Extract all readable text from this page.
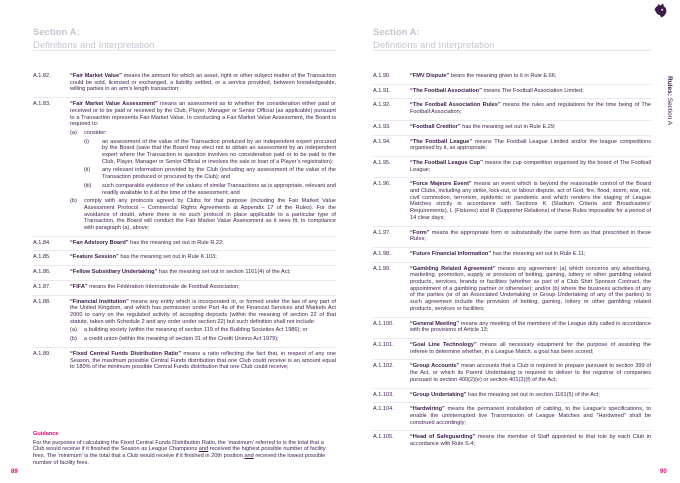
Section A:
Definitions and Interpretation
Section A:
Definitions and Interpretation
Rules: Section A
A.1.82.	“Fair Market Value” means the amount for which an asset, right or other subject matter of the Transaction could be sold, licensed or exchanged, a liability settled, or a service provided, between knowledgeable, willing parties in an arm’s length transaction;
A.1.83.	“Fair Market Value Assessment” means an assessment as to whether the consideration either paid or received or to be paid or received by the Club, Player, Manager or Senior Official (as applicable) pursuant to a Transaction represents Fair Market Value. In conducting a Fair Market Value Assessment, the Board is required to:
(a)	consider:
(i)	an assessment of the value of the Transaction produced by an independent expert procured by the Board (save that the Board may elect not to obtain an assessment by an independent expert where the Transaction in question involves no consideration paid or to be paid to the Club, Player, Manager or Senior Official or involves the sale or loan of a Player’s registration);
(ii)	any relevant information provided by the Club (including any assessment of the value of the Transaction produced or procured by the Club); and
(iii)	such comparable evidence of the values of similar Transactions as is appropriate, relevant and readily available to it at the time of the assessment; and
(b)	comply with any protocols agreed by Clubs for that purpose (including the Fair Market Value Assessment Protocol – Commercial Rights Agreements at Appendix 17 of the Rules). For the avoidance of doubt, where there is no such protocol in place applicable to a particular type of Transaction, the Board will conduct the Fair Market Value Assessment as it sees fit, in compliance with paragraph (a), above;
A.1.84.	“Fan Advisory Board” has the meaning set out in Rule R.22;
A.1.85.	“Feature Session” has the meaning set out in Rule K.103;
A.1.86.	“Fellow Subsidiary Undertaking” has the meaning set out in section 1161(4) of the Act;
A.1.87.	“FIFA” means the Fédération Internationale de Football Association;
A.1.88.	“Financial Institution” means any entity which is incorporated in, or formed under the law of any part of the United Kingdom, and which has permission under Part 4a of the Financial Services and Markets Act 2000 to carry on the regulated activity of accepting deposits (within the meaning of section 22 of that statute, taken with Schedule 2 and any order under section 22) but such definition shall not include:
(a)	a building society (within the meaning of section 119 of the Building Societies Act 1986); or
(b)	a credit union (within the meaning of section 31 of the Credit Unions Act 1979);
A.1.89.	“Fixed Central Funds Distribution Ratio” means a ratio reflecting the fact that, in respect of any one Season, the maximum possible Central Funds distribution that one Club could receive is an amount equal to 180% of the minimum possible Central Funds distribution that one Club could receive;
Guidance
For the purposes of calculating the Fixed Central Funds Distribution Ratio, the ‘maximum’ referred to is the total that a Club would receive if it finished the Season as League Champions and received the highest possible number of facility fees. The ‘minimum’ is the total that a Club would receive if it finished in 20th position and received the lowest possible number of facility fees.
A.1.90.	“FMV Dispute” bears the meaning given to it in Rule E.66;
A.1.91.	“The Football Association” means The Football Association Limited;
A.1.92.	“The Football Association Rules” means the rules and regulations for the time being of The Football Association;
A.1.93.	“Football Creditor” has the meaning set out in Rule E.29;
A.1.94.	“The Football League” means The Football League Limited and/or the league competitions organised by it, as appropriate;
A.1.95.	“The Football League Cup” means the cup competition organised by the board of The Football League;
A.1.96.	“Force Majeure Event” means an event which is beyond the reasonable control of the Board and Clubs, including any strike, lock-out, or labour dispute, act of God, fire, flood, storm, war, riot, civil commotion, terrorism, epidemic or pandemic and which renders the staging of League Matches strictly in accordance with Sections K (Stadium Criteria and Broadcasters’ Requirements), L (Fixtures) and R (Supporter Relations) of these Rules impossible for a period of 14 clear days;
A.1.97.	“Form” means the appropriate form or substantially the same form as that prescribed in these Rules;
A.1.98.	“Future Financial Information” has the meaning set out in Rule E.11;
A.1.99.	“Gambling Related Agreement” means any agreement: (a) which concerns any advertising, marketing, promotion, supply or provision of betting, gaming, lottery or other gambling related products, services, brands or facilities (whether as part of a Club Shirt Sponsor Contract, the appointment of a gambling partner or otherwise); and/or (b) where the business activities of any of the parties (or of an Associated Undertaking or Group Undertaking of any of the parties) to such agreement include the provision of betting, gaming, lottery or other gambling related products, services or facilities;
A.1.100.	“General Meeting” means any meeting of the members of the League duly called in accordance with the provisions of Article 13;
A.1.101.	“Goal Line Technology” means all necessary equipment for the purpose of assisting the referee to determine whether, in a League Match, a goal has been scored;
A.1.102.	“Group Accounts” mean accounts that a Club is required to prepare pursuant to section 399 of the Act, or which its Parent Undertaking is required to deliver to the registrar of companies pursuant to section 400(2)(e) or section 401(2)(f) of the Act;
A.1.103.	“Group Undertaking” has the meaning set out in section 1161(5) of the Act;
A.1.104.	“Hardwiring” means the permanent installation of cabling, to the League’s specifications, to enable the uninterrupted live Transmission of League Matches and “Hardwired” shall be construed accordingly;
A.1.105.	“Head of Safeguarding” means the member of Staff appointed to that role by each Club in accordance with Rule S.4;
89	90
